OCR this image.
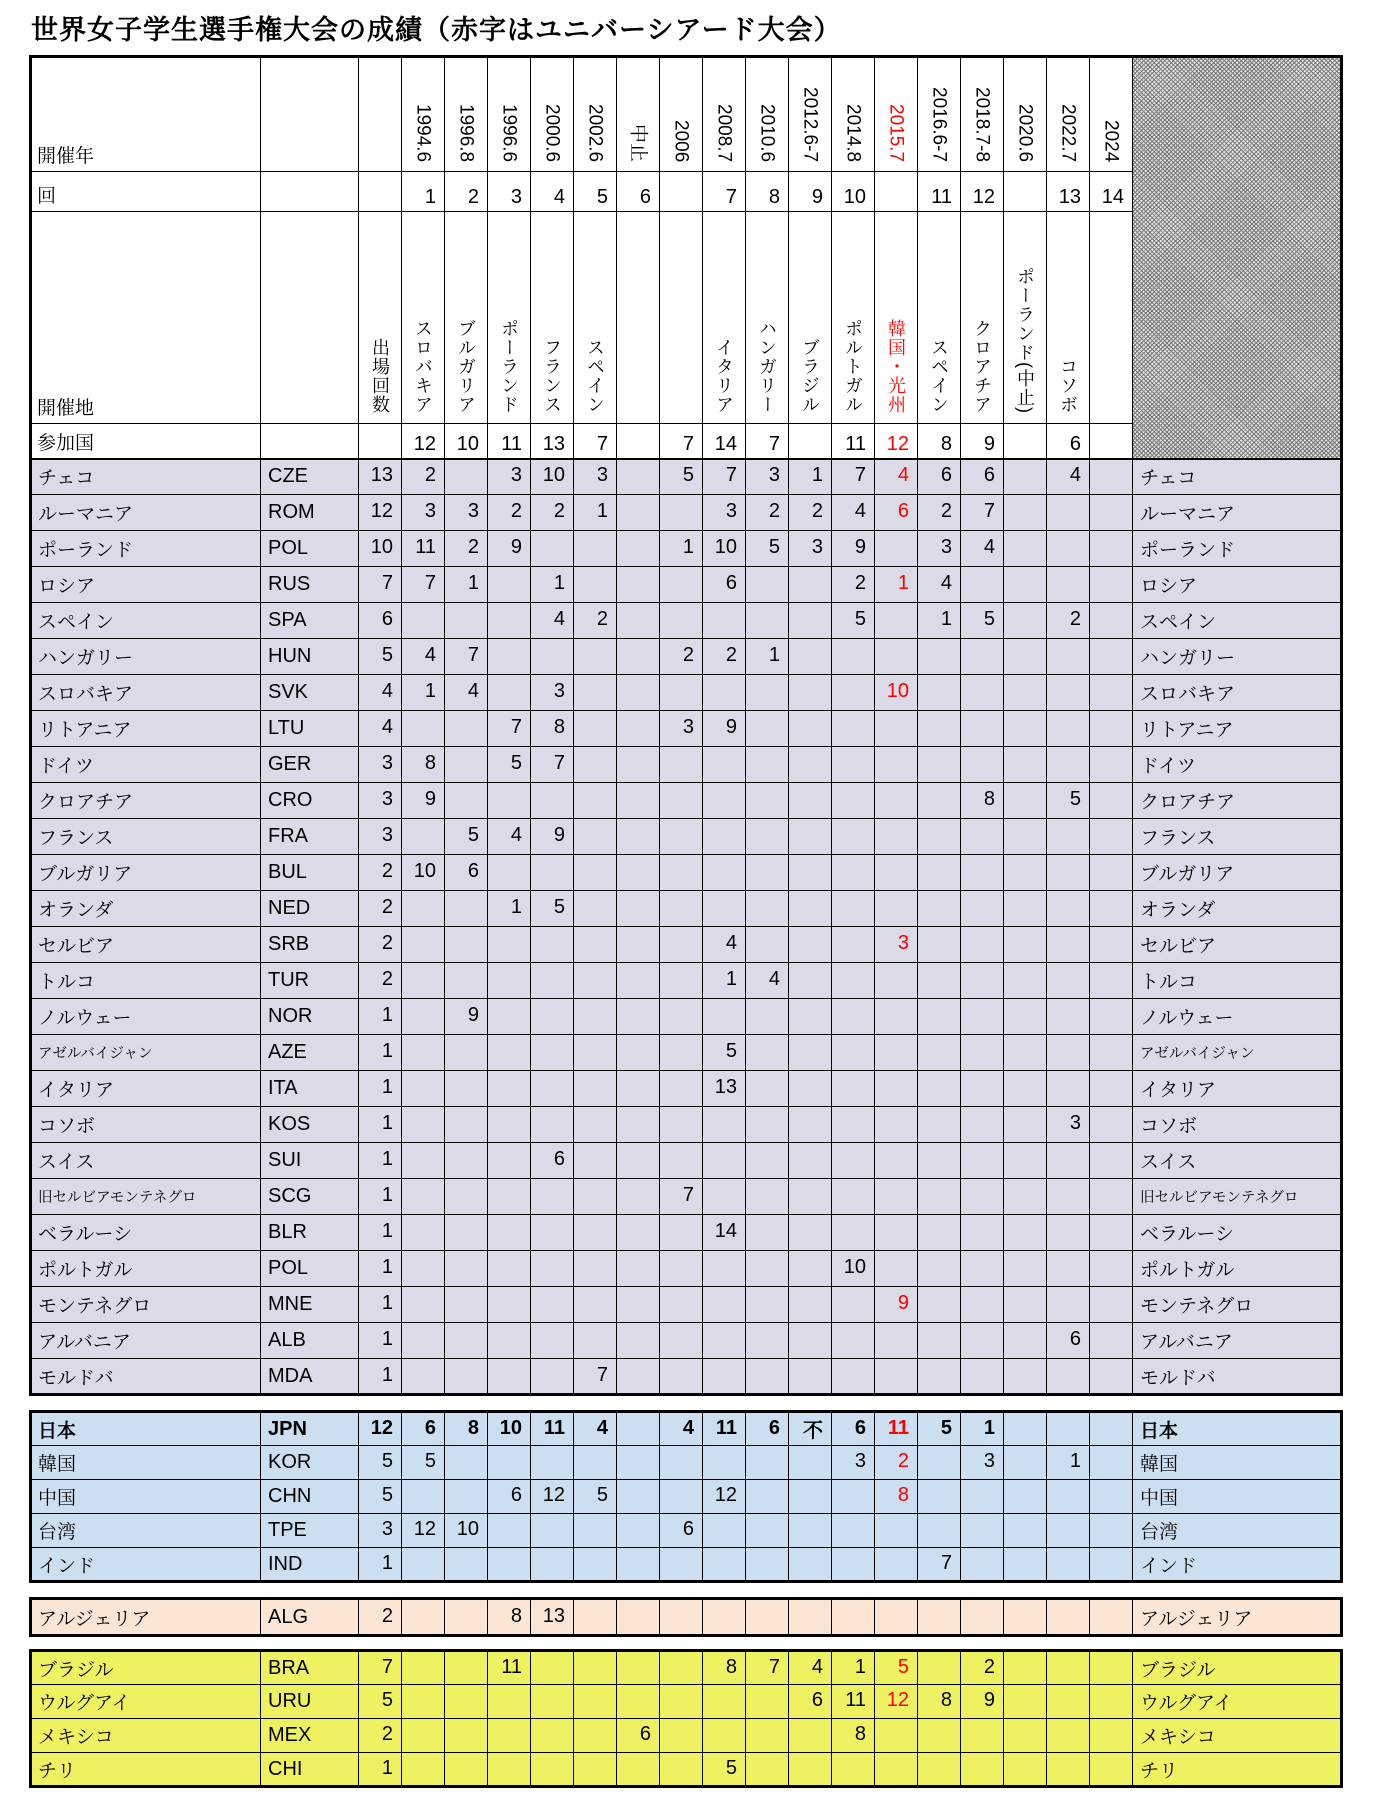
世界女子学生選手権大会の成績（赤字はユニバーシアード大会）
開催年			1994.6	1996.8	1996.6	2000.6	2002.6	中止	2006	2008.7	2010.6	2012.6-7	2014.8	2015.7	2016.6-7	2018.7-8	2020.6	2022.7	2024	
回			1	2	3	4	5	6		7	8	9	10		11	12		13	14	
開催地		出場回数	スロバキア	ブルガリア	ポーランド	フランス	スペイン			イタリア	ハンガリー	ブラジル	ポルトガル	韓国・光州	スペイン	クロアチア	ポーランド(中止)	コソボ		
参加国			12	10	11	13	7		7	14	7		11	12	8	9		6		
チェコ	CZE	13	2		3	10	3		5	7	3	1	7	4	6	6		4		チェコ
ルーマニア	ROM	12	3	3	2	2	1			3	2	2	4	6	2	7				ルーマニア
ポーランド	POL	10	11	2	9				1	10	5	3	9		3	4				ポーランド
ロシア	RUS	7	7	1		1				6			2	1	4					ロシア
スペイン	SPA	6				4	2						5		1	5		2		スペイン
ハンガリー	HUN	5	4	7					2	2	1									ハンガリー
スロバキア	SVK	4	1	4		3								10						スロバキア
リトアニア	LTU	4			7	8			3	9										リトアニア
ドイツ	GER	3	8		5	7														ドイツ
クロアチア	CRO	3	9													8		5		クロアチア
フランス	FRA	3		5	4	9														フランス
ブルガリア	BUL	2	10	6																ブルガリア
オランダ	NED	2			1	5														オランダ
セルビア	SRB	2								4				3						セルビア
トルコ	TUR	2								1	4									トルコ
ノルウェー	NOR	1		9																ノルウェー
アゼルバイジャン	AZE	1								5										アゼルバイジャン
イタリア	ITA	1								13										イタリア
コソボ	KOS	1																3		コソボ
スイス	SUI	1				6														スイス
旧セルビアモンテネグロ	SCG	1							7											旧セルビアモンテネグロ
ベラルーシ	BLR	1								14										ベラルーシ
ポルトガル	POL	1											10							ポルトガル
モンテネグロ	MNE	1												9						モンテネグロ
アルバニア	ALB	1																6		アルバニア
モルドバ	MDA	1					7													モルドバ
日本	JPN	12	6	8	10	11	4		4	11	6	不	6	11	5	1				日本
韓国	KOR	5	5										3	2		3		1		韓国
中国	CHN	5			6	12	5			12				8						中国
台湾	TPE	3	12	10					6											台湾
インド	IND	1													7					インド
アルジェリア	ALG	2			8	13														アルジェリア
ブラジル	BRA	7			11					8	7	4	1	5		2				ブラジル
ウルグアイ	URU	5										6	11	12	8	9				ウルグアイ
メキシコ	MEX	2						6					8							メキシコ
チリ	CHI	1								5										チリ
